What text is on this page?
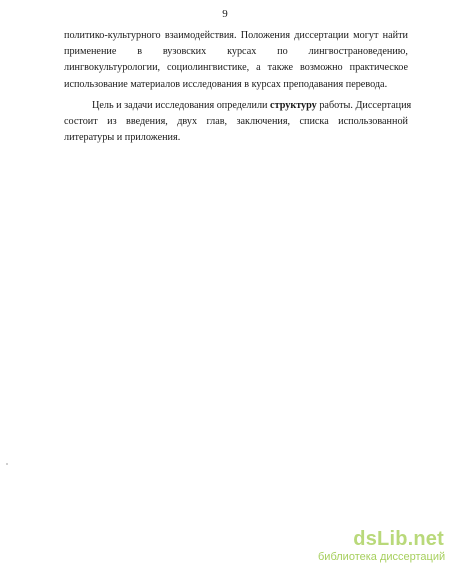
9
политико-культурного взаимодействия. Положения диссертации могут найти
применение в вузовских курсах по лингвострановедению,
лингвокультурологии, социолингвистике, а также возможно практическое
использование материалов исследования в курсах преподавания перевода.
Цель и задачи исследования определили структуру работы. Диссертация
состоит из введения, двух глав, заключения, списка использованной
литературы и приложения.
dsLib.net
библиотека диссертаций
